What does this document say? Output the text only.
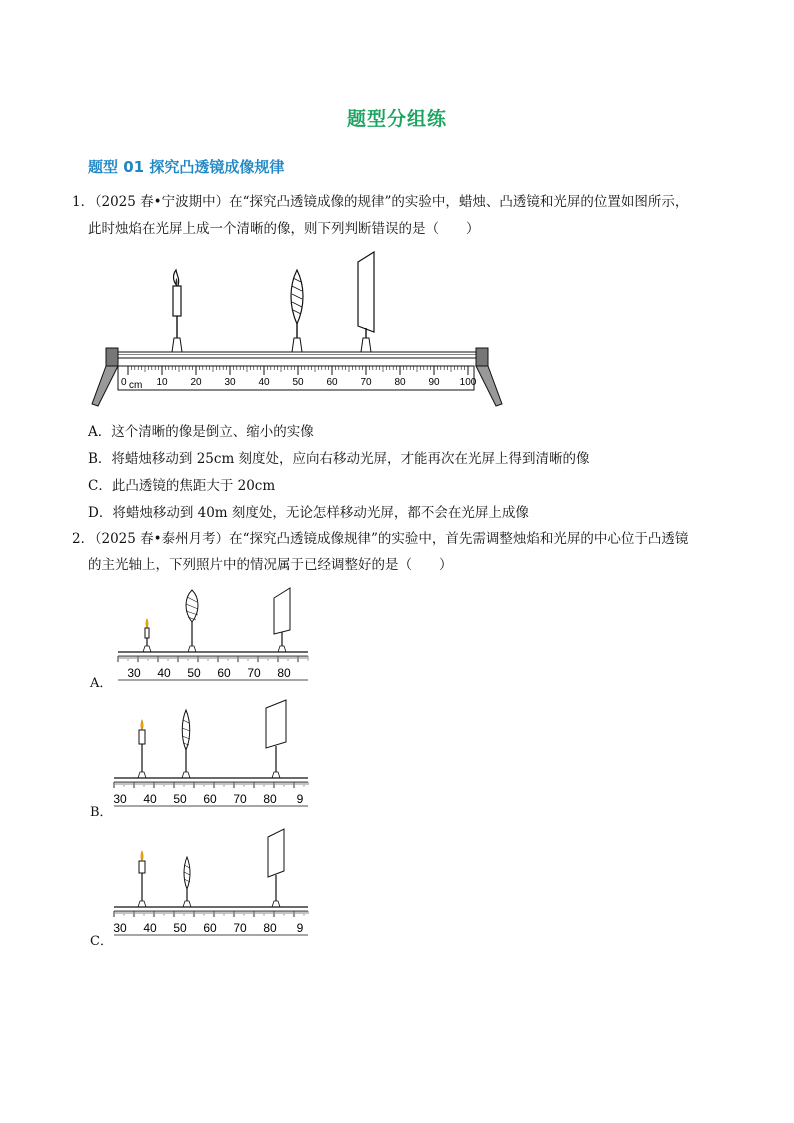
题型分组练
题型 01 探究凸透镜成像规律
1．
（2025 春•宁波期中）在“探究凸透镜成像的规律”的实验中，蜡烛、凸透镜和光屏的位置如图所示，
此时烛焰在光屏上成一个清晰的像，则下列判断错误的是（　　）
0 cm 10 20 30 40 50 60 70 80 90 100
A．这个清晰的像是倒立、缩小的实像
B．将蜡烛移动到 25cm 刻度处，应向右移动光屏，才能再次在光屏上得到清晰的像
C．此凸透镜的焦距大于 20cm
D．将蜡烛移动到 40m 刻度处，无论怎样移动光屏，都不会在光屏上成像
2．
（2025 春•泰州月考）在“探究凸透镜成像规律”的实验中，首先需调整烛焰和光屏的中心位于凸透镜
的主光轴上，下列照片中的情况属于已经调整好的是（　　）
A．
30 40 50 60 70 80
B．
30 40 50 60 70 80 9
C．
30 40 50 60 70 80 9
